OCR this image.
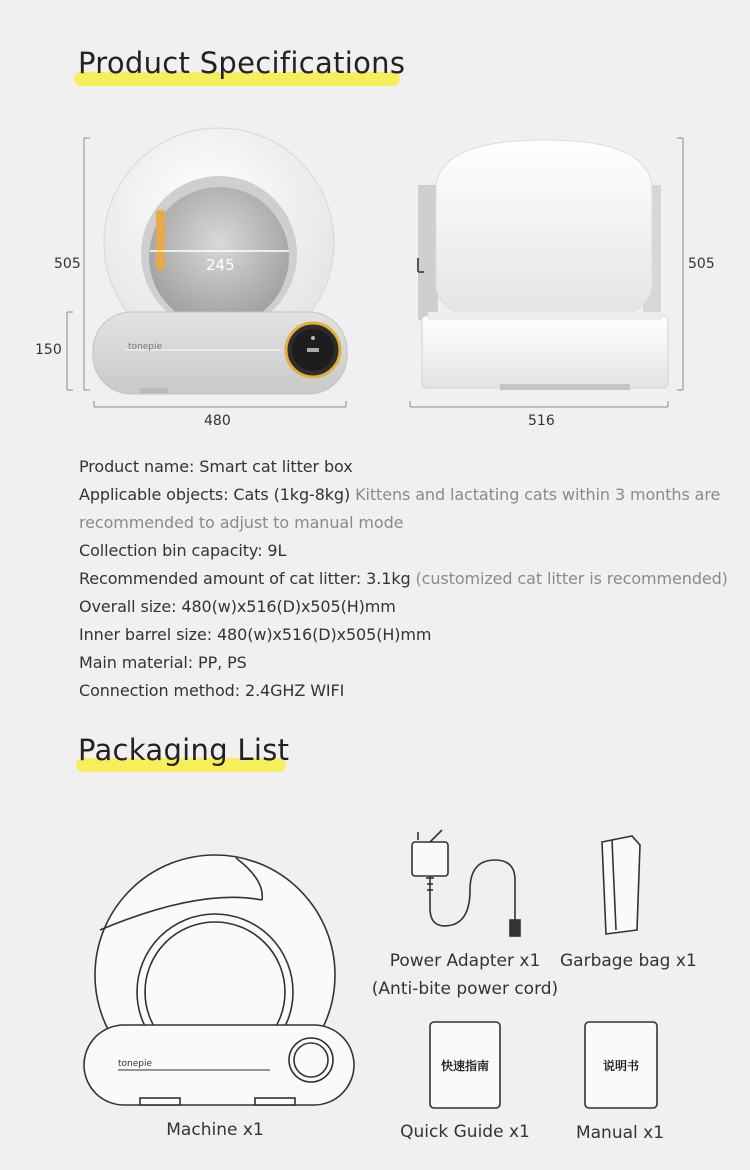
Product Specifications
505
150
245
tonepie
480
505
516
Product name: Smart cat litter box
Applicable objects: Cats (1kg-8kg) Kittens and lactating cats within 3 months are
recommended to adjust to manual mode
Collection bin capacity: 9L
Recommended amount of cat litter: 3.1kg (customized cat litter is recommended)
Overall size: 480(w)x516(D)x505(H)mm
Inner barrel size: 480(w)x516(D)x505(H)mm
Main material: PP, PS
Connection method: 2.4GHZ WIFI
Packaging List
tonepie	快速指南	说明书
Power Adapter x1
(Anti-bite power cord)
Garbage bag x1
Machine x1	Quick Guide x1	Manual x1
